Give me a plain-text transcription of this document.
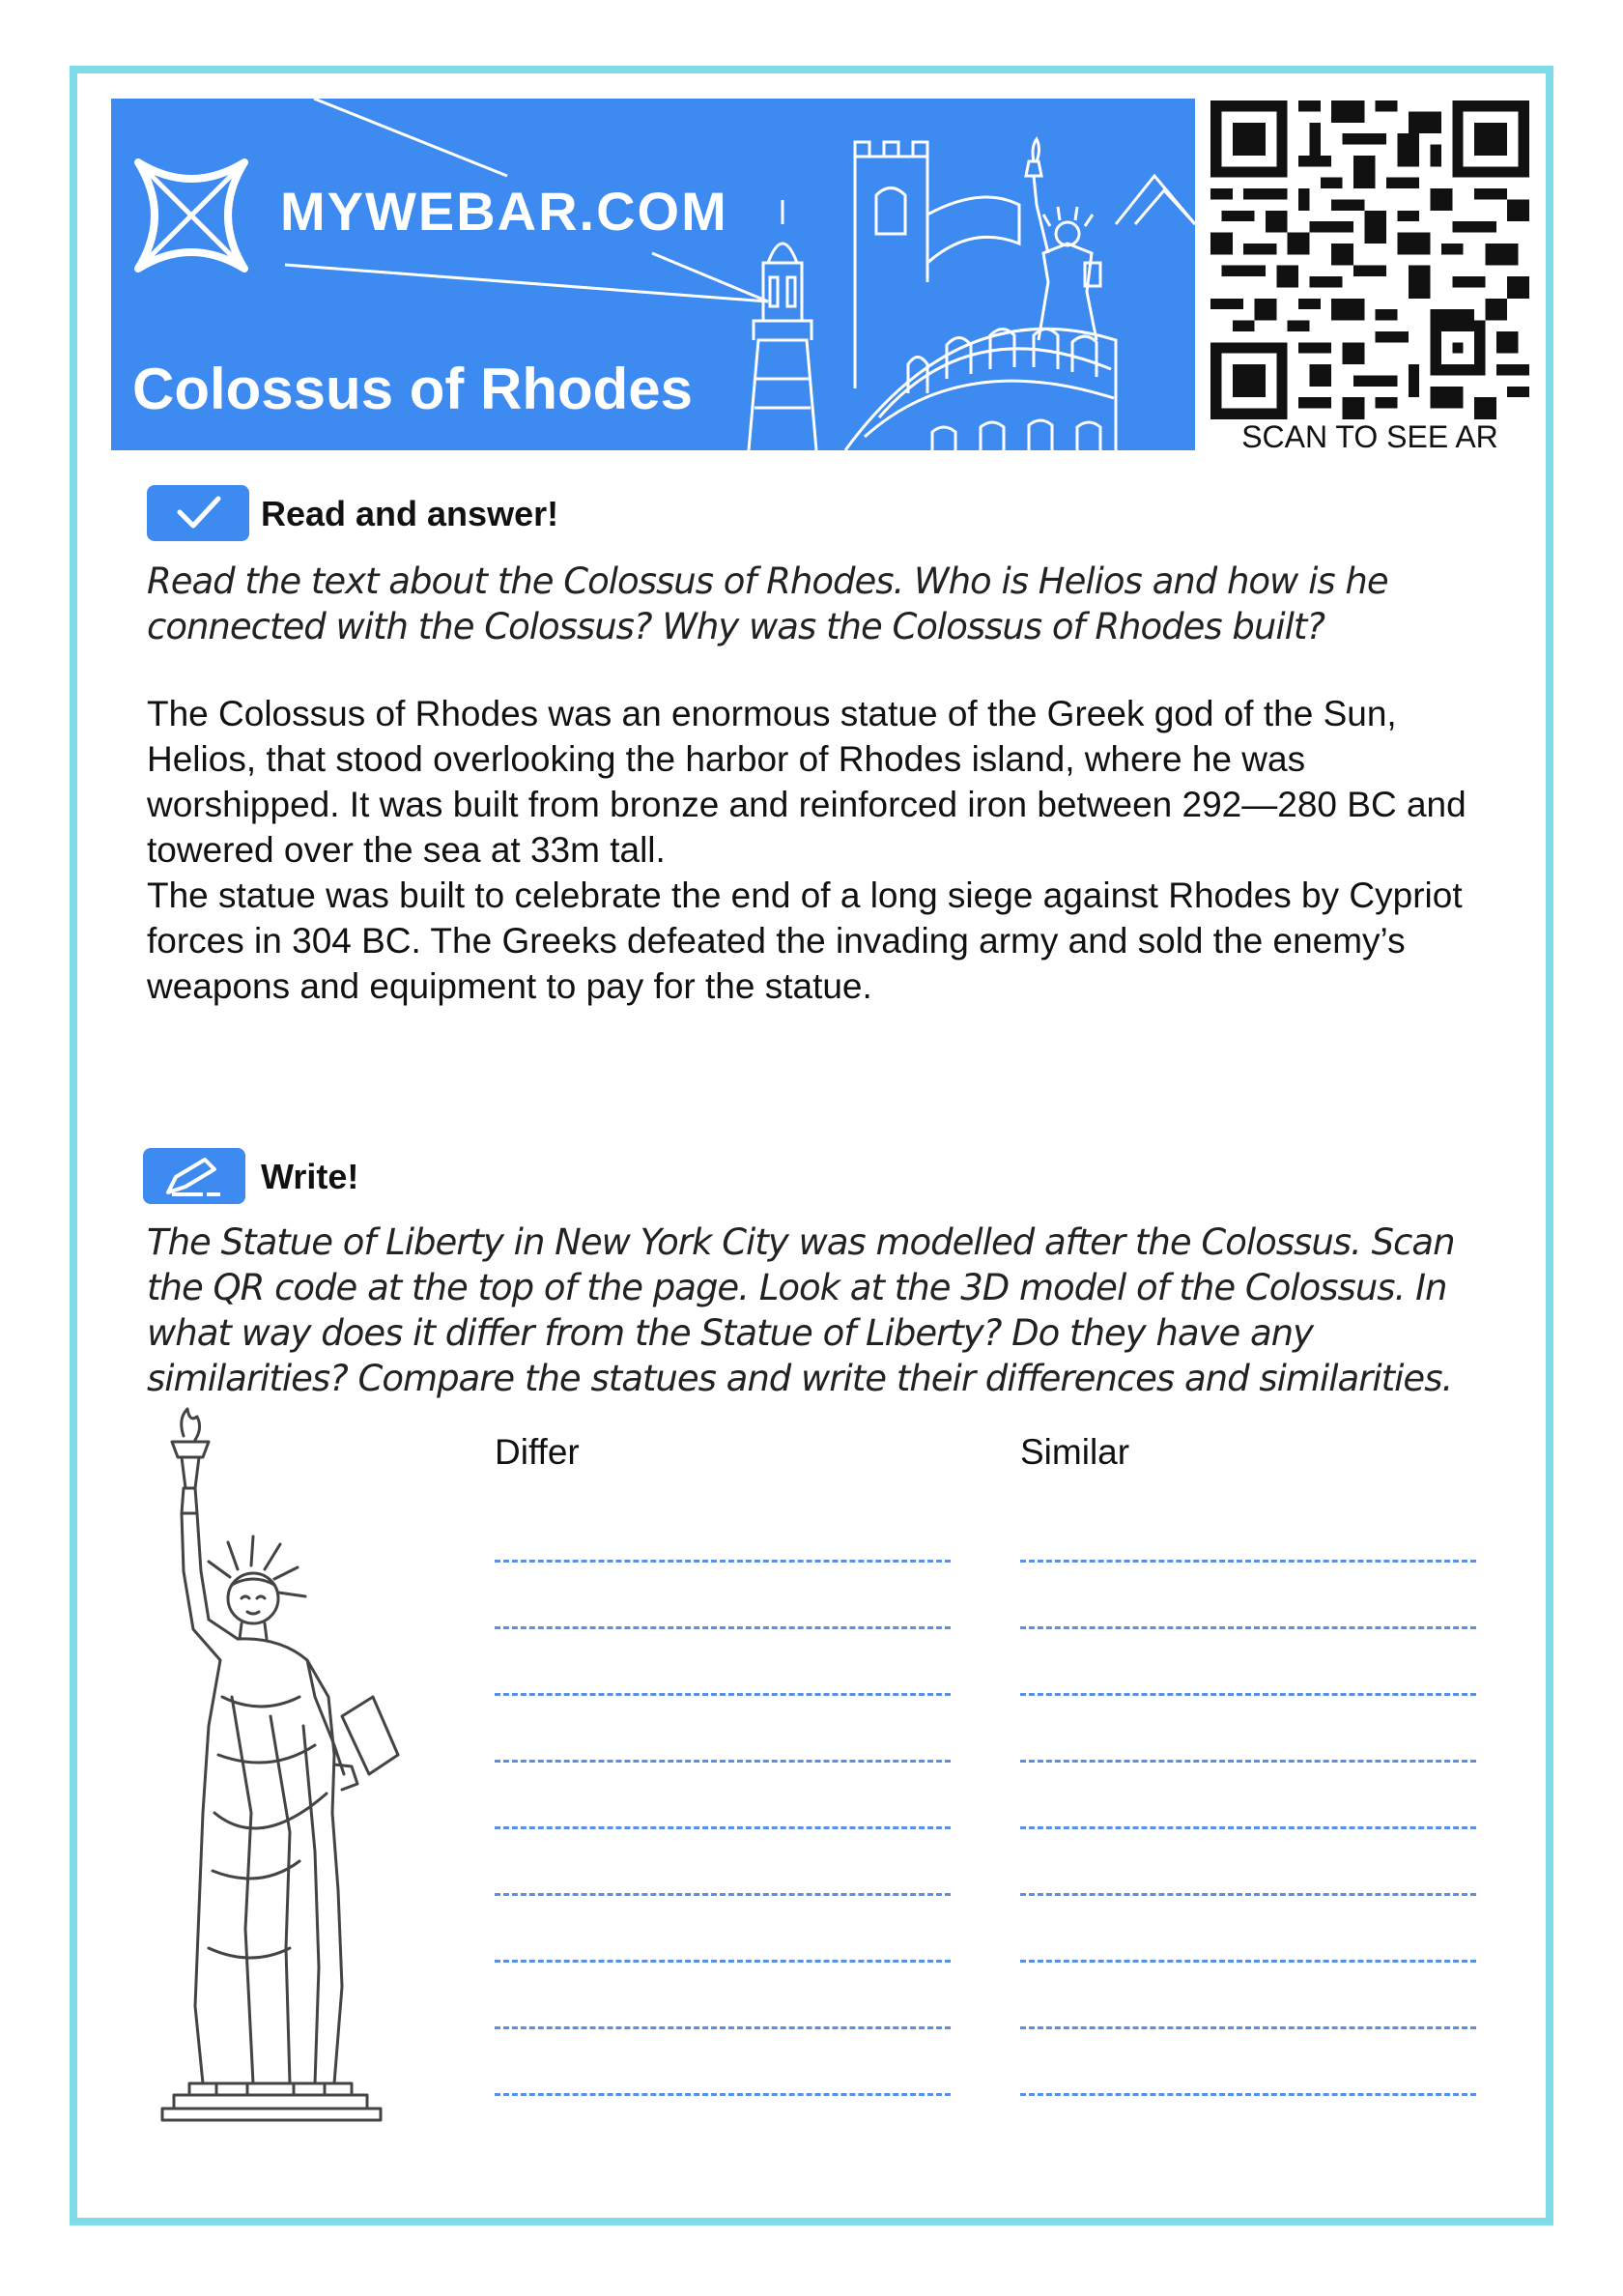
MYWEBAR.COM
Colossus of Rhodes
SCAN TO SEE AR
Read and answer!
Read the text about the Colossus of Rhodes. Who is Helios and how is he connected with the Colossus? Why was the Colossus of Rhodes built?

The Colossus of Rhodes was an enormous statue of the Greek god of the Sun, Helios, that stood overlooking the harbor of Rhodes island, where he was worshipped. It was built from bronze and reinforced iron between 292—280 BC and towered over the sea at 33m tall.

The statue was built to celebrate the end of a long siege against Rhodes by Cypriot forces in 304 BC. The Greeks defeated the invading army and sold the enemy’s weapons and equipment to pay for the statue.

Write!
The Statue of Liberty in New York City was modelled after the Colossus. Scan the QR code at the top of the page. Look at the 3D model of the Colossus. In what way does it differ from the Statue of Liberty? Do they have any similarities? Compare the statues and write their differences and similarities.
Differ	Similar
